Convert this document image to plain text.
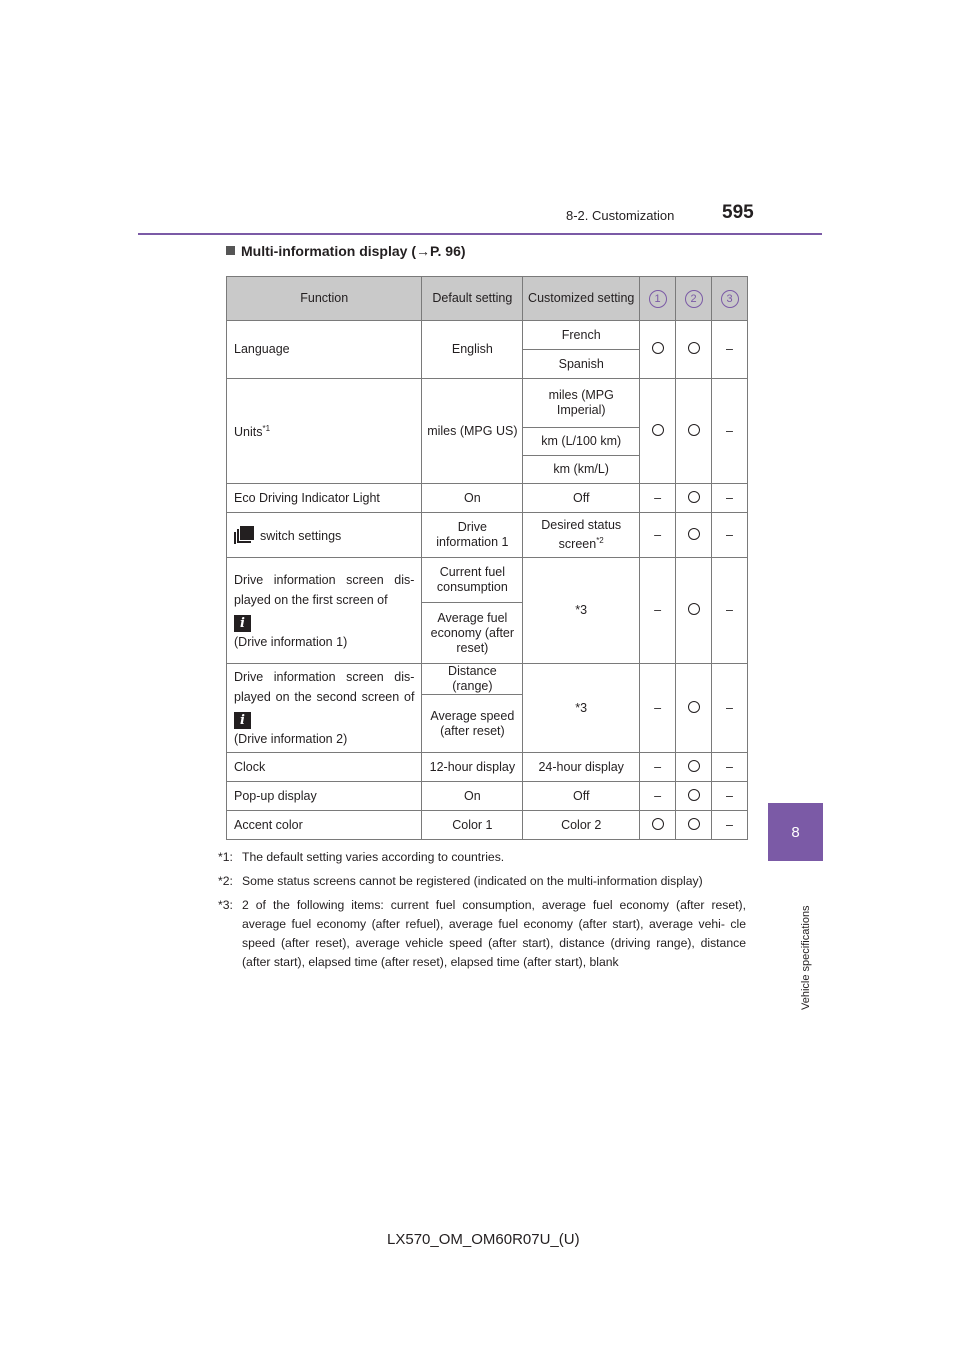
8-2. Customization	595
8
Vehicle specifications
Multi-information display (→P. 96)
Function	Default setting	Customized setting	1	2	3
Language	English	French			–
		Spanish			
Units$^{*1}$	miles (MPG US)	miles (MPG Imperial)			–
		km (L/100 km)			
		km (km/L)			
Eco Driving Indicator Light	On	Off	–		–

switch settings	Drive information 1	Desired status screen$^{*2}$	–		–
Drive information screen dis- played on the first screen of
i
(Drive information 1)	Current fuel consumption	*3	–		–
	Average fuel economy (after reset)				
Drive information screen dis- played on the second screen of i
(Drive information 2)	Distance (range)	*3	–		–
	Average speed (after reset)				
Clock	12-hour display	24-hour display	–		–
Pop-up display	On	Off	–		–
Accent color	Color 1	Color 2			–
*1: The default setting varies according to countries.
*2: Some status screens cannot be registered (indicated on the multi-information display)
*3: 2 of the following items: current fuel consumption, average fuel economy (after reset), average fuel economy (after refuel), average fuel economy (after start), average vehi- cle speed (after reset), average vehicle speed (after start), distance (driving range), distance (after start), elapsed time (after reset), elapsed time (after start), blank
LX570_OM_OM60R07U_(U)
